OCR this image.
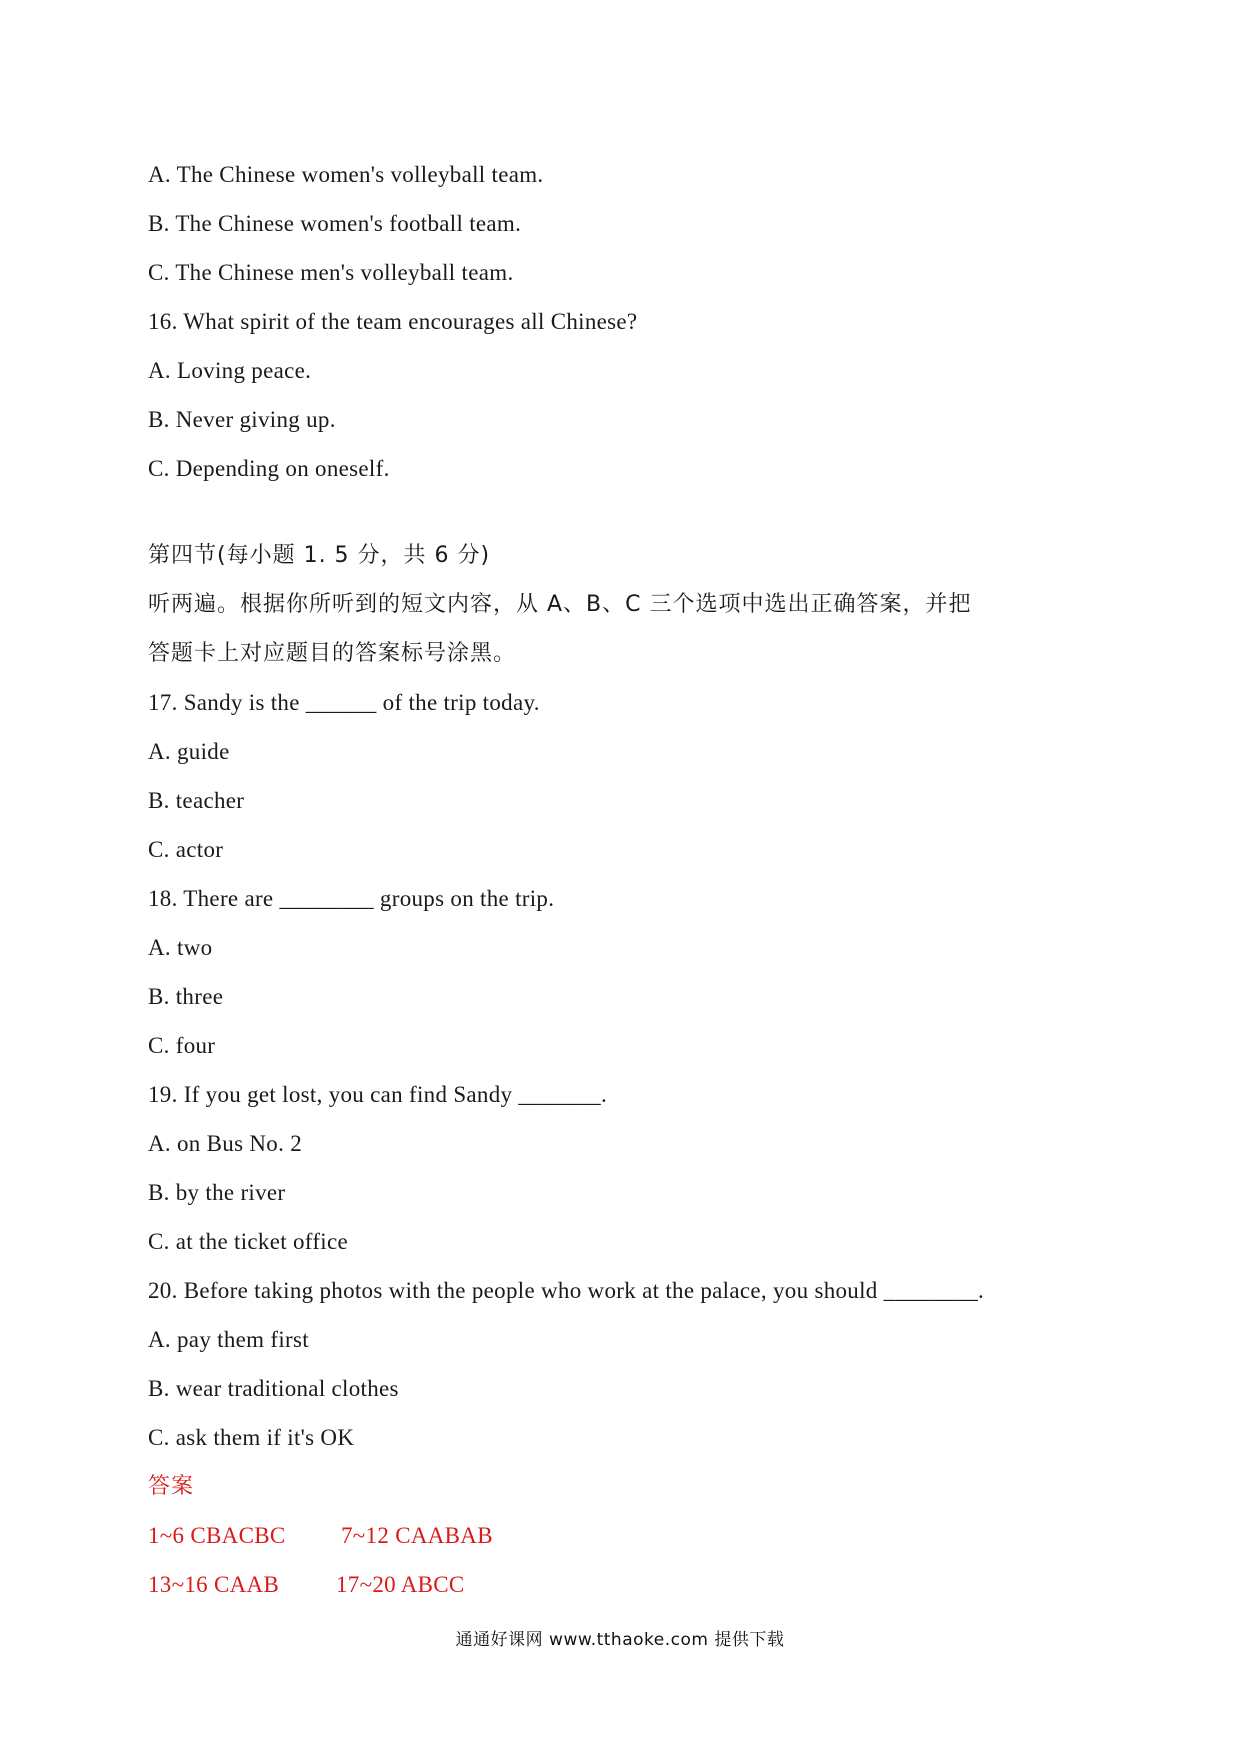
A. The Chinese women's volleyball team.
B. The Chinese women's football team.
C. The Chinese men's volleyball team.
16. What spirit of the team encourages all Chinese?
A. Loving peace.
B. Never giving up.
C. Depending on oneself.
第四节(每小题 1. 5 分，共 6 分)
听两遍。根据你所听到的短文内容，从 A、B、C 三个选项中选出正确答案，并把
答题卡上对应题目的答案标号涂黑。
17. Sandy is the ______ of the trip today.
A. guide
B. teacher
C. actor
18. There are ________ groups on the trip.
A. two
B. three
C. four
19. If you get lost, you can find Sandy _______.
A. on Bus No. 2
B. by the river
C. at the ticket office
20. Before taking photos with the people who work at the palace, you should ________.
A. pay them first
B. wear traditional clothes
C. ask them if it's OK
答案
1~6 CBACBC 7~12 CAABAB
13~16 CAAB 17~20 ABCC
通通好课网 www.tthaoke.com 提供下载
